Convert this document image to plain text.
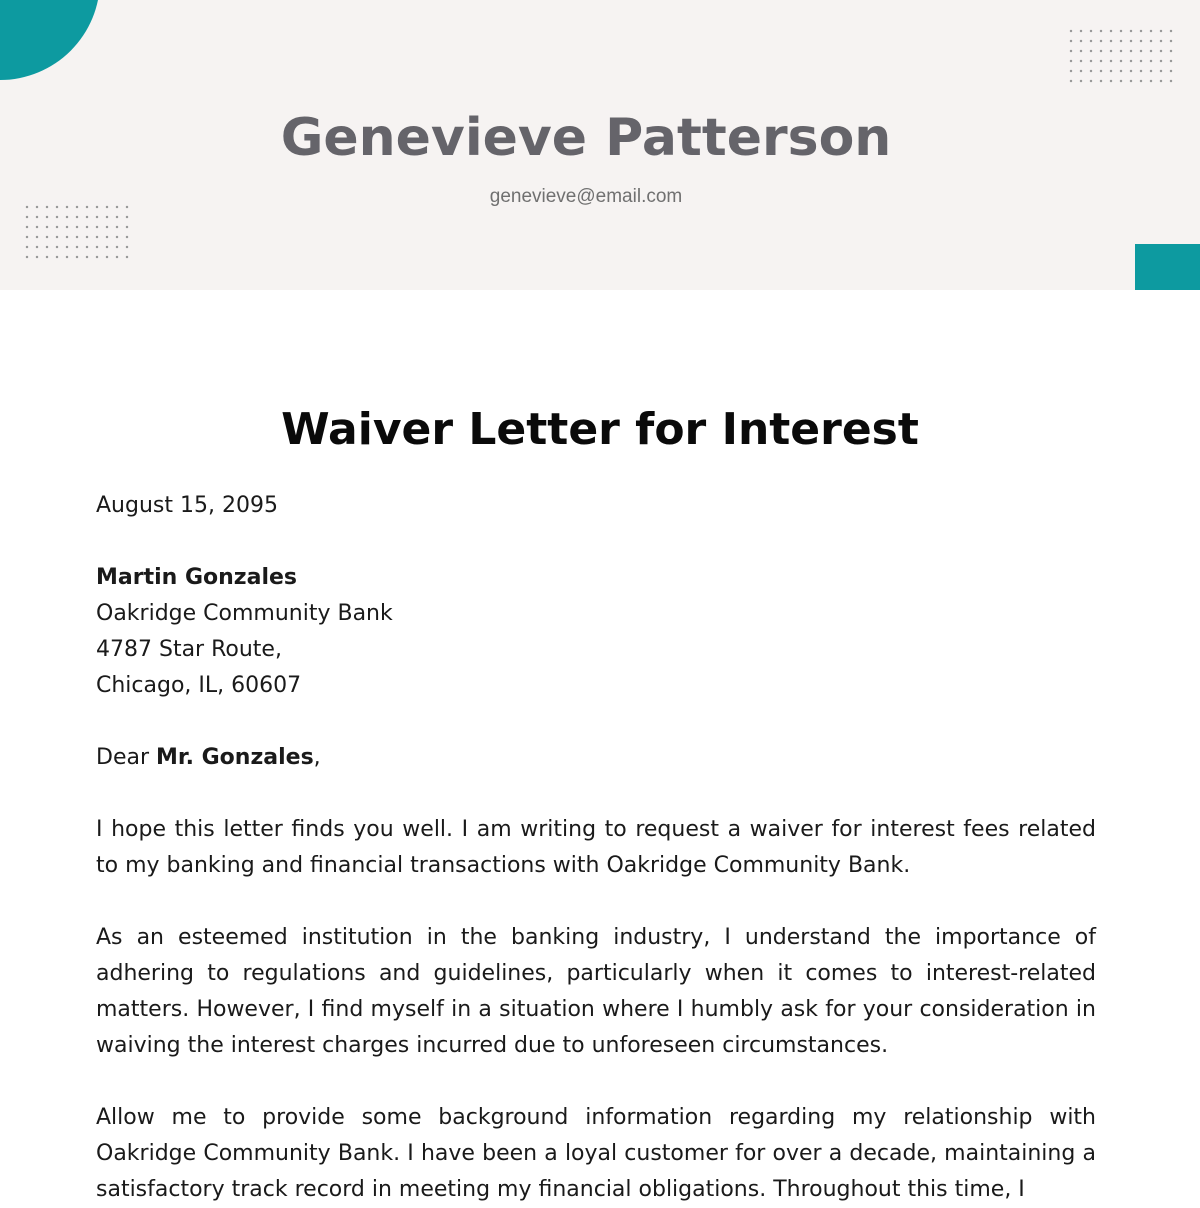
Genevieve Patterson
genevieve@email.com
Waiver Letter for Interest
August 15, 2095
Martin Gonzales
Oakridge Community Bank
4787 Star Route,
Chicago, IL, 60607
Dear Mr. Gonzales,
I hope this letter finds you well. I am writing to request a waiver for interest fees related to my banking and financial transactions with Oakridge Community Bank.
As an esteemed institution in the banking industry, I understand the importance of adhering to regulations and guidelines, particularly when it comes to interest-related matters. However, I find myself in a situation where I humbly ask for your consideration in waiving the interest charges incurred due to unforeseen circumstances.
Allow me to provide some background information regarding my relationship with Oakridge Community Bank. I have been a loyal customer for over a decade, maintaining a satisfactory track record in meeting my financial obligations. Throughout this time, I
